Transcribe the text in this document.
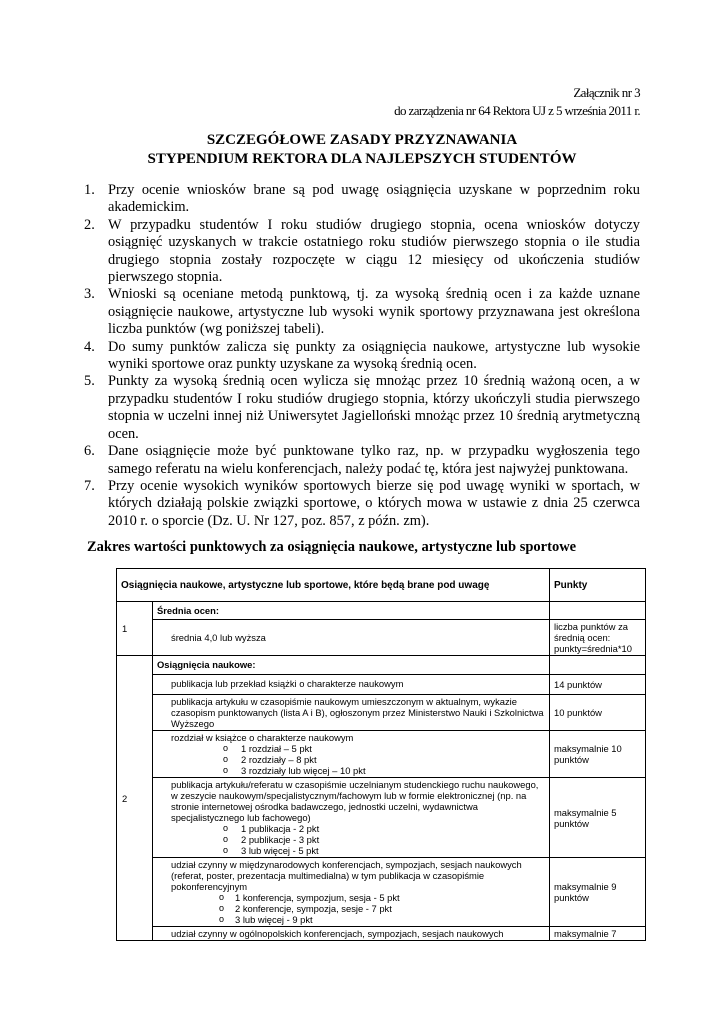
Załącznik nr 3
do zarządzenia nr 64 Rektora UJ z 5 września 2011 r.
SZCZEGÓŁOWE ZASADY PRZYZNAWANIA
STYPENDIUM REKTORA DLA NAJLEPSZYCH STUDENTÓW
1. Przy ocenie wniosków brane są pod uwagę osiągnięcia uzyskane w poprzednim roku akademickim.
2. W przypadku studentów I roku studiów drugiego stopnia, ocena wniosków dotyczy osiągnięć uzyskanych w trakcie ostatniego roku studiów pierwszego stopnia o ile studia drugiego stopnia zostały rozpoczęte w ciągu 12 miesięcy od ukończenia studiów pierwszego stopnia.
3. Wnioski są oceniane metodą punktową, tj. za wysoką średnią ocen i za każde uznane osiągnięcie naukowe, artystyczne lub wysoki wynik sportowy przyznawana jest określona liczba punktów (wg poniższej tabeli).
4. Do sumy punktów zalicza się punkty za osiągnięcia naukowe, artystyczne lub wysokie wyniki sportowe oraz punkty uzyskane za wysoką średnią ocen.
5. Punkty za wysoką średnią ocen wylicza się mnożąc przez 10 średnią ważoną ocen, a w przypadku studentów I roku studiów drugiego stopnia, którzy ukończyli studia pierwszego stopnia w uczelni innej niż Uniwersytet Jagielloński mnożąc przez 10 średnią arytmetyczną ocen.
6. Dane osiągnięcie może być punktowane tylko raz, np. w przypadku wygłoszenia tego samego referatu na wielu konferencjach, należy podać tę, która jest najwyżej punktowana.
7. Przy ocenie wysokich wyników sportowych bierze się pod uwagę wyniki w sportach, w których działają polskie związki sportowe, o których mowa w ustawie z dnia 25 czerwca 2010 r. o sporcie (Dz. U. Nr 127, poz. 857, z późn. zm).
Zakres wartości punktowych za osiągnięcia naukowe, artystyczne lub sportowe
Osiągnięcia naukowe, artystyczne lub sportowe, które będą brane pod uwagę		Punkty
1	Średnia ocen:	
	średnia 4,0 lub wyższa	liczba punktów za średnią ocen: punkty=średnia*10
2	Osiągnięcia naukowe:	
	publikacja lub przekład książki o charakterze naukowym	14 punktów
	publikacja artykułu w czasopiśmie naukowym umieszczonym w aktualnym, wykazie czasopism punktowanych (lista A i B), ogłoszonym przez Ministerstwo Nauki i Szkolnictwa Wyższego	10 punktów

	rozdział w książce o charakterze naukowym
o 1 rozdział – 5 pkt
o 2 rozdziały – 8 pkt
o 3 rozdziały lub więcej – 10 pkt	maksymalnie 10 punktów

	publikacja artykułu/referatu w czasopiśmie uczelnianym studenckiego ruchu naukowego, w zeszycie naukowym/specjalistycznym/fachowym lub w formie elektronicznej (np. na stronie internetowej ośrodka badawczego, jednostki uczelni, wydawnictwa specjalistycznego lub fachowego)
o 1 publikacja - 2 pkt
o 2 publikacje - 3 pkt
o 3 lub więcej - 5 pkt	maksymalnie 5 punktów

	udział czynny w międzynarodowych konferencjach, sympozjach, sesjach naukowych (referat, poster, prezentacja multimedialna) w tym publikacja w czasopiśmie pokonferencyjnym
o 1 konferencja, sympozjum, sesja - 5 pkt
o 2 konferencje, sympozja, sesje - 7 pkt
o 3 lub więcej - 9 pkt	maksymalnie 9 punktów
	udział czynny w ogólnopolskich konferencjach, sympozjach, sesjach naukowych	maksymalnie 7
